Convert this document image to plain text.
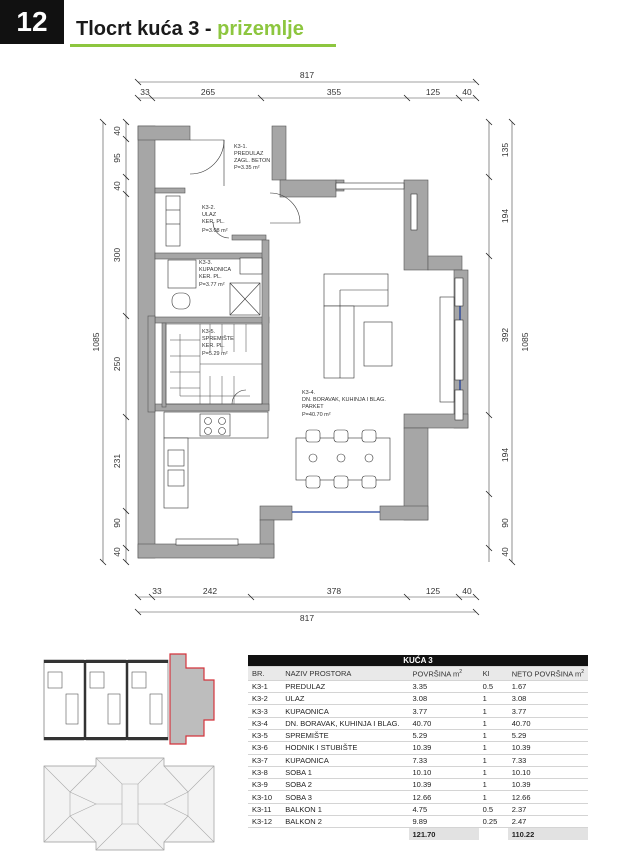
12	Tlocrt kuća 3 - prizemlje
817
33	265	355	125	40
33	242	378	125	40
817
1085
40
95
40
300
250
231
90
40
135
194
392
194
90
40
1085
K3-1.
PREDULAZ
ZAGL. BETON
P=3.35 m²
K3-2.
ULAZ
KER. PL.
P=3.08 m²
K3-3.
KUPAONICA
KER. PL.
P=3.77 m²
K3-5.
SPREMIŠTE
KER. PL.
P=5.29 m²
K3-4.
DN. BORAVAK, KUHINJA I BLAG.
PARKET
P=40.70 m²
KUĆA 3				
BR.	NAZIV PROSTORA	POVRŠINA $m^2$	KI	NETO POVRŠINA $m^2$
K3-1	PREDULAZ	3.35	0.5	1.67
K3-2	ULAZ	3.08	1	3.08
K3-3	KUPAONICA	3.77	1	3.77
K3-4	DN. BORAVAK, KUHINJA I BLAG.	40.70	1	40.70
K3-5	SPREMIŠTE	5.29	1	5.29
K3-6	HODNIK I STUBIŠTE	10.39	1	10.39
K3-7	KUPAONICA	7.33	1	7.33
K3-8	SOBA 1	10.10	1	10.10
K3-9	SOBA 2	10.39	1	10.39
K3-10	SOBA 3	12.66	1	12.66
K3-11	BALKON 1	4.75	0.5	2.37
K3-12	BALKON 2	9.89	0.25	2.47
		121.70		110.22
